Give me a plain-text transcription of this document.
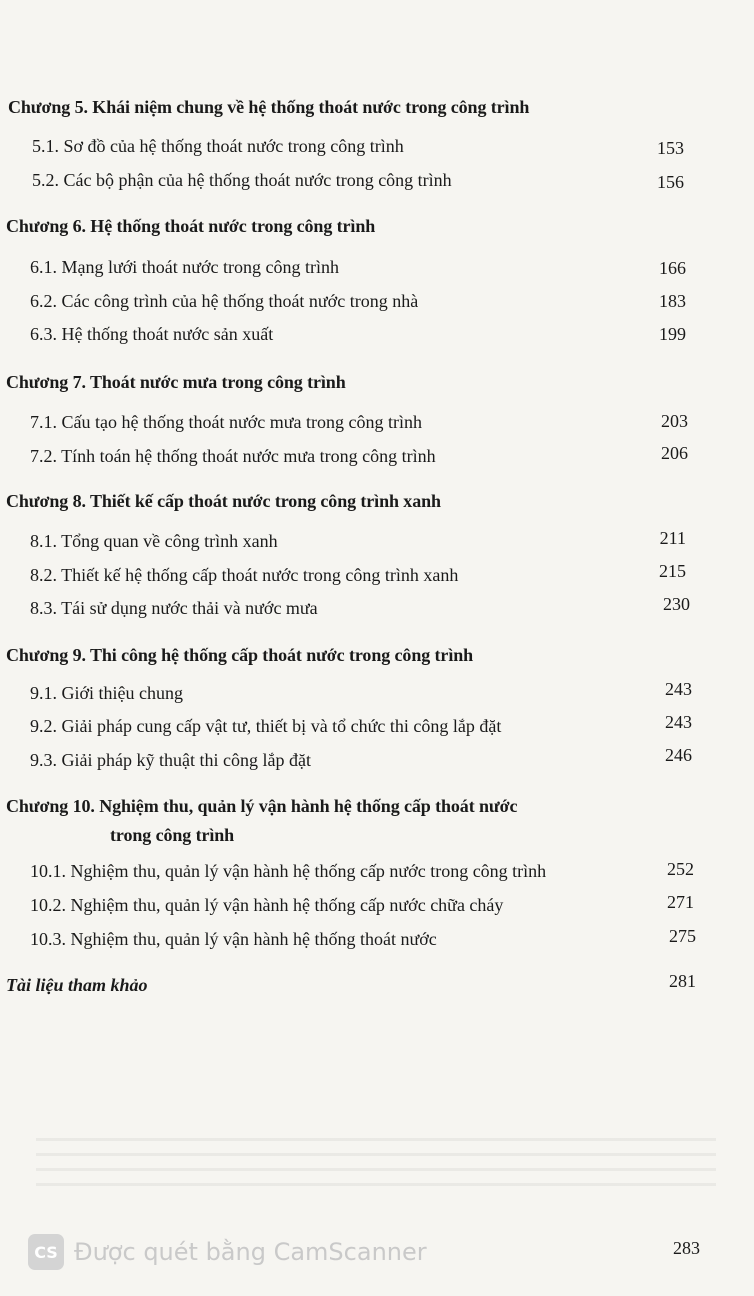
Chương 5. Khái niệm chung về hệ thống thoát nước trong công trình
5.1. Sơ đồ của hệ thống thoát nước trong công trình	153
5.2. Các bộ phận của hệ thống thoát nước trong công trình	156
Chương 6. Hệ thống thoát nước trong công trình
6.1. Mạng lưới thoát nước trong công trình	166
6.2. Các công trình của hệ thống thoát nước trong nhà	183
6.3. Hệ thống thoát nước sản xuất	199
Chương 7. Thoát nước mưa trong công trình
7.1. Cấu tạo hệ thống thoát nước mưa trong công trình	203
7.2. Tính toán hệ thống thoát nước mưa trong công trình	206
Chương 8. Thiết kế cấp thoát nước trong công trình xanh
8.1. Tổng quan về công trình xanh	211
8.2. Thiết kế hệ thống cấp thoát nước trong công trình xanh	215
8.3. Tái sử dụng nước thải và nước mưa	230
Chương 9. Thi công hệ thống cấp thoát nước trong công trình
9.1. Giới thiệu chung	243
9.2. Giải pháp cung cấp vật tư, thiết bị và tổ chức thi công lắp đặt	243
9.3. Giải pháp kỹ thuật thi công lắp đặt	246
Chương 10. Nghiệm thu, quản lý vận hành hệ thống cấp thoát nước
trong công trình
10.1. Nghiệm thu, quản lý vận hành hệ thống cấp nước trong công trình	252
10.2. Nghiệm thu, quản lý vận hành hệ thống cấp nước chữa cháy	271
10.3. Nghiệm thu, quản lý vận hành hệ thống thoát nước	275
Tài liệu tham khảo	281
CS Được quét bằng CamScanner	283
